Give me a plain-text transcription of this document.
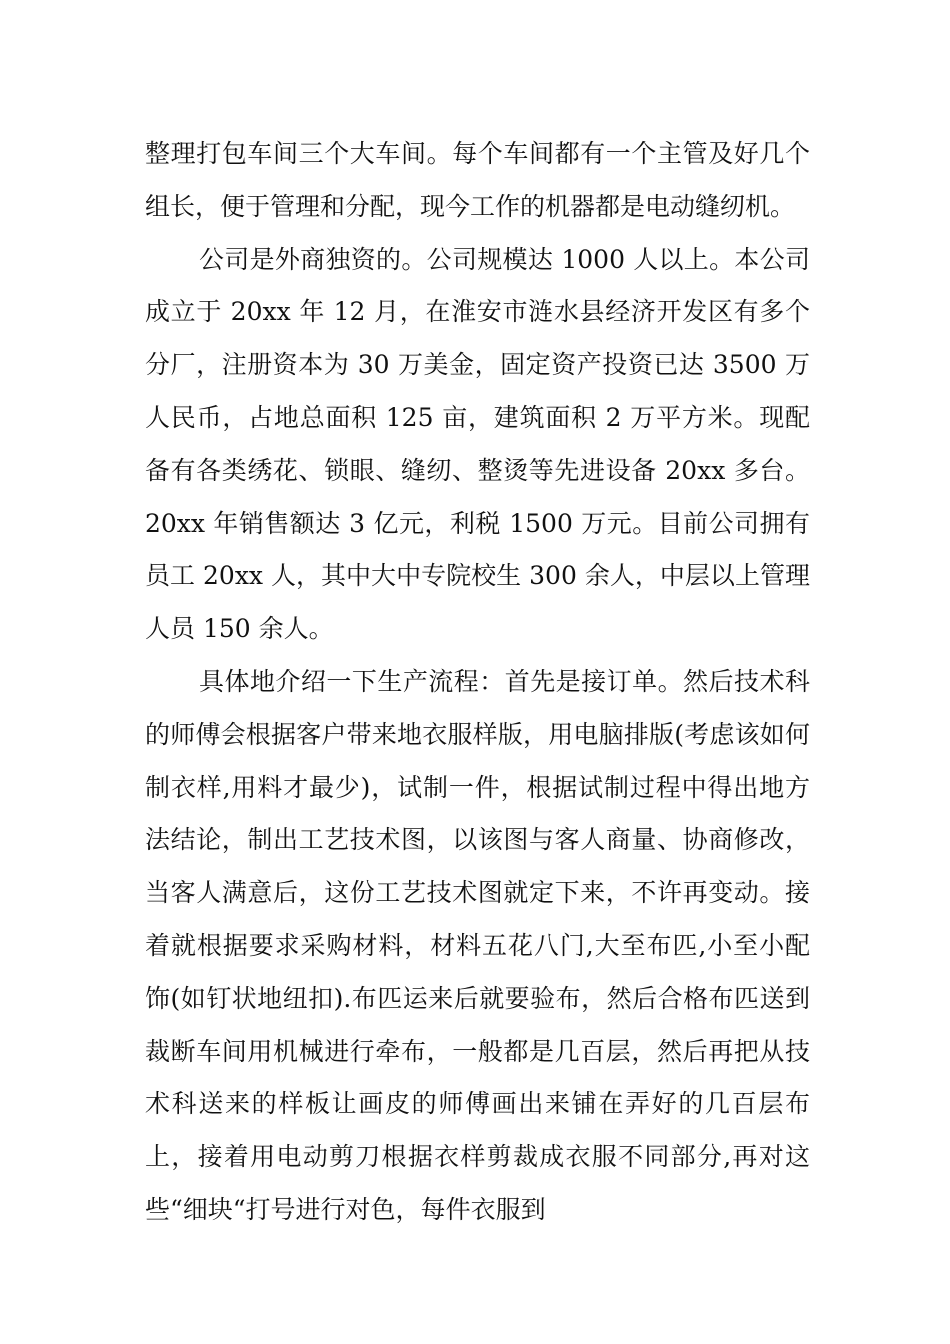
整理打包车间三个大车间。每个车间都有一个主管及好几个组长，便于管理和分配，现今工作的机器都是电动缝纫机。

公司是外商独资的。公司规模达 1000 人以上。本公司成立于 20xx 年 12 月，在淮安市涟水县经济开发区有多个分厂，注册资本为 30 万美金，固定资产投资已达 3500 万人民币，占地总面积 125 亩，建筑面积 2 万平方米。现配备有各类绣花、锁眼、缝纫、整烫等先进设备 20xx 多台。20xx 年销售额达 3 亿元，利税 1500 万元。目前公司拥有员工 20xx 人，其中大中专院校生 300 余人，中层以上管理人员 150 余人。

具体地介绍一下生产流程：首先是接订单。然后技术科的师傅会根据客户带来地衣服样版，用电脑排版(考虑该如何制衣样,用料才最少)，试制一件，根据试制过程中得出地方法结论，制出工艺技术图，以该图与客人商量、协商修改，当客人满意后，这份工艺技术图就定下来，不许再变动。接着就根据要求采购材料，材料五花八门,大至布匹,小至小配饰(如钉状地纽扣).布匹运来后就要验布，然后合格布匹送到裁断车间用机械进行牵布，一般都是几百层，然后再把从技术科送来的样板让画皮的师傅画出来铺在弄好的几百层布上，接着用电动剪刀根据衣样剪裁成衣服不同部分,再对这些“细块“打号进行对色，每件衣服到
